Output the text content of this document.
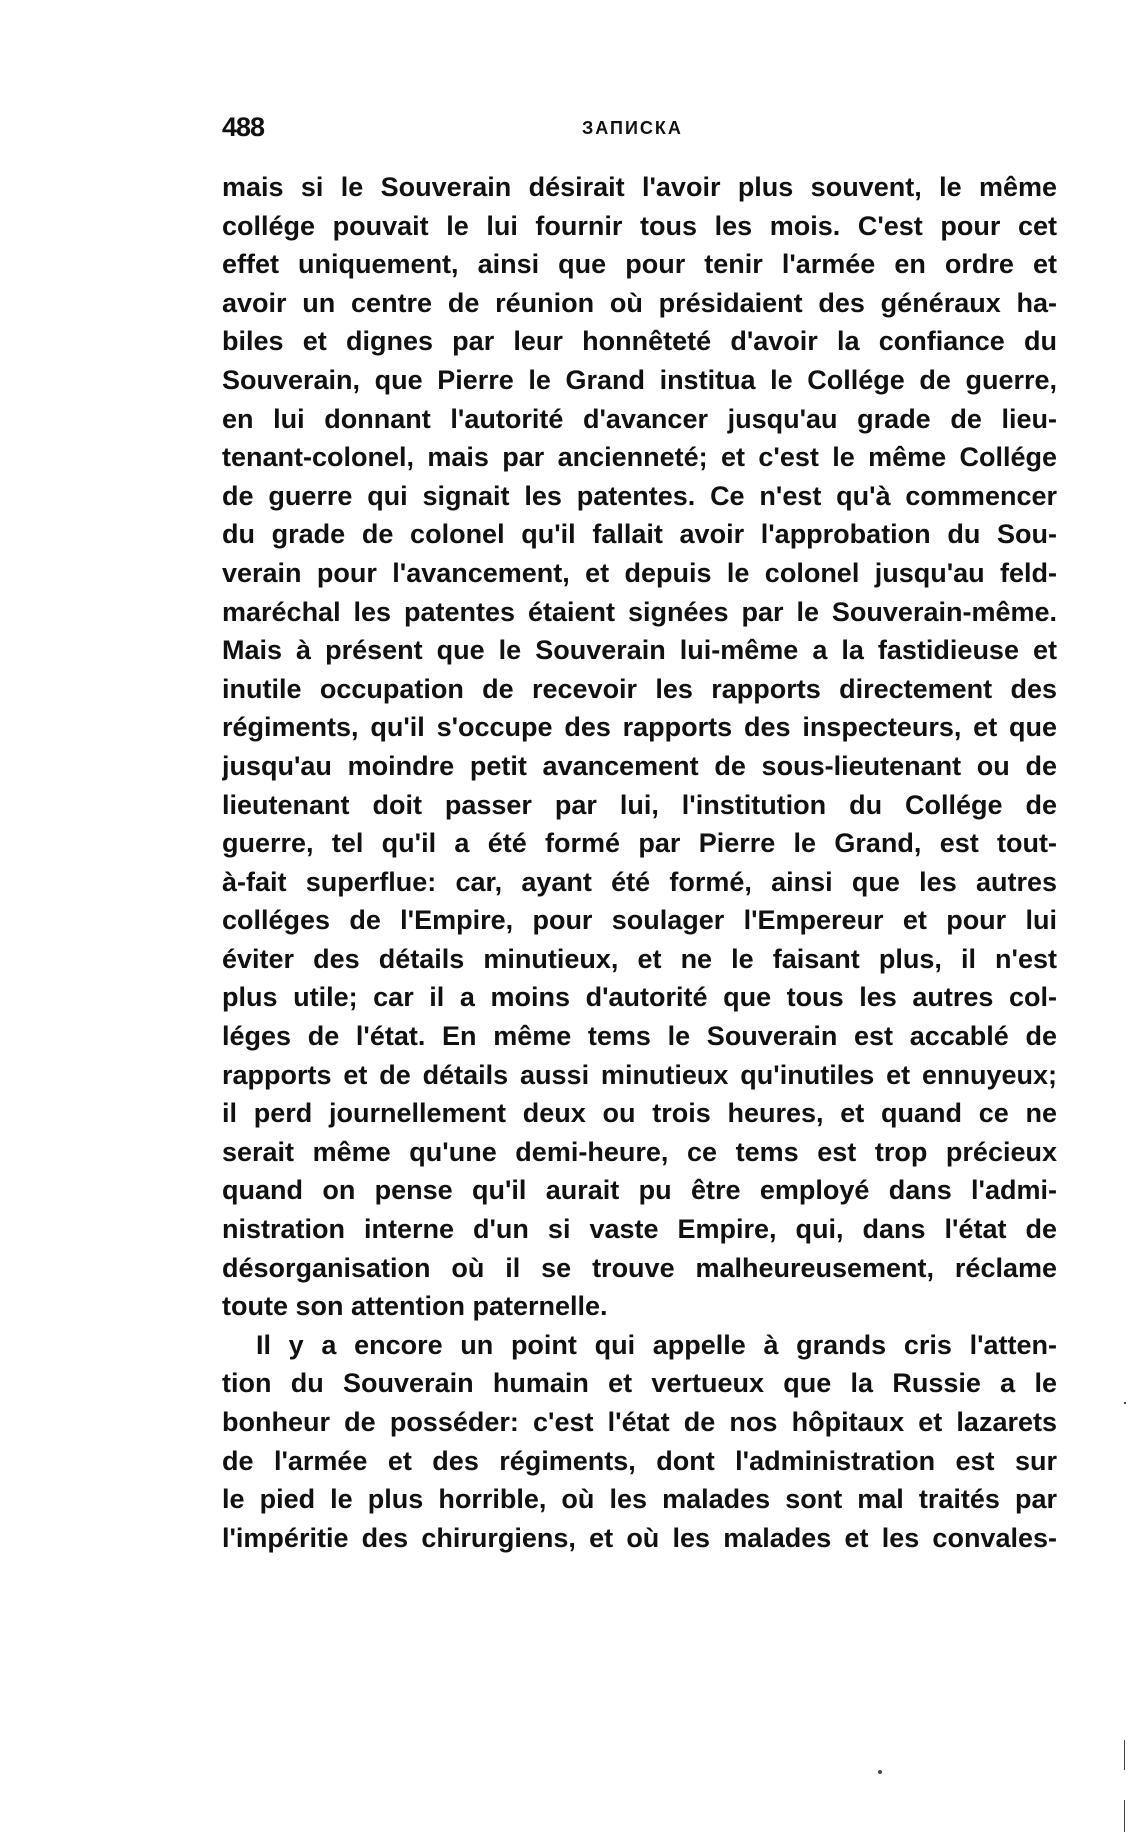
488	ЗАПИСКА
mais si le Souverain désirait l'avoir plus souvent, le même
collége pouvait le lui fournir tous les mois. C'est pour cet
effet uniquement, ainsi que pour tenir l'armée en ordre et
avoir un centre de réunion où présidaient des généraux ha-
biles et dignes par leur honnêteté d'avoir la confiance du
Souverain, que Pierre le Grand institua le Collége de guerre,
en lui donnant l'autorité d'avancer jusqu'au grade de lieu-
tenant-colonel, mais par ancienneté; et c'est le même Collége
de guerre qui signait les patentes. Ce n'est qu'à commencer
du grade de colonel qu'il fallait avoir l'approbation du Sou-
verain pour l'avancement, et depuis le colonel jusqu'au feld-
maréchal les patentes étaient signées par le Souverain-même.
Mais à présent que le Souverain lui-même a la fastidieuse et
inutile occupation de recevoir les rapports directement des
régiments, qu'il s'occupe des rapports des inspecteurs, et que
jusqu'au moindre petit avancement de sous-lieutenant ou de
lieutenant doit passer par lui, l'institution du Collége de
guerre, tel qu'il a été formé par Pierre le Grand, est tout-
à-fait superflue: car, ayant été formé, ainsi que les autres
colléges de l'Empire, pour soulager l'Empereur et pour lui
éviter des détails minutieux, et ne le faisant plus, il n'est
plus utile; car il a moins d'autorité que tous les autres col-
léges de l'état. En même tems le Souverain est accablé de
rapports et de détails aussi minutieux qu'inutiles et ennuyeux;
il perd journellement deux ou trois heures, et quand ce ne
serait même qu'une demi-heure, ce tems est trop précieux
quand on pense qu'il aurait pu être employé dans l'admi-
nistration interne d'un si vaste Empire, qui, dans l'état de
désorganisation où il se trouve malheureusement, réclame
toute son attention paternelle.
Il y a encore un point qui appelle à grands cris l'atten-
tion du Souverain humain et vertueux que la Russie a le
bonheur de posséder: c'est l'état de nos hôpitaux et lazarets
de l'armée et des régiments, dont l'administration est sur
le pied le plus horrible, où les malades sont mal traités par
l'impéritie des chirurgiens, et où les malades et les convales-
